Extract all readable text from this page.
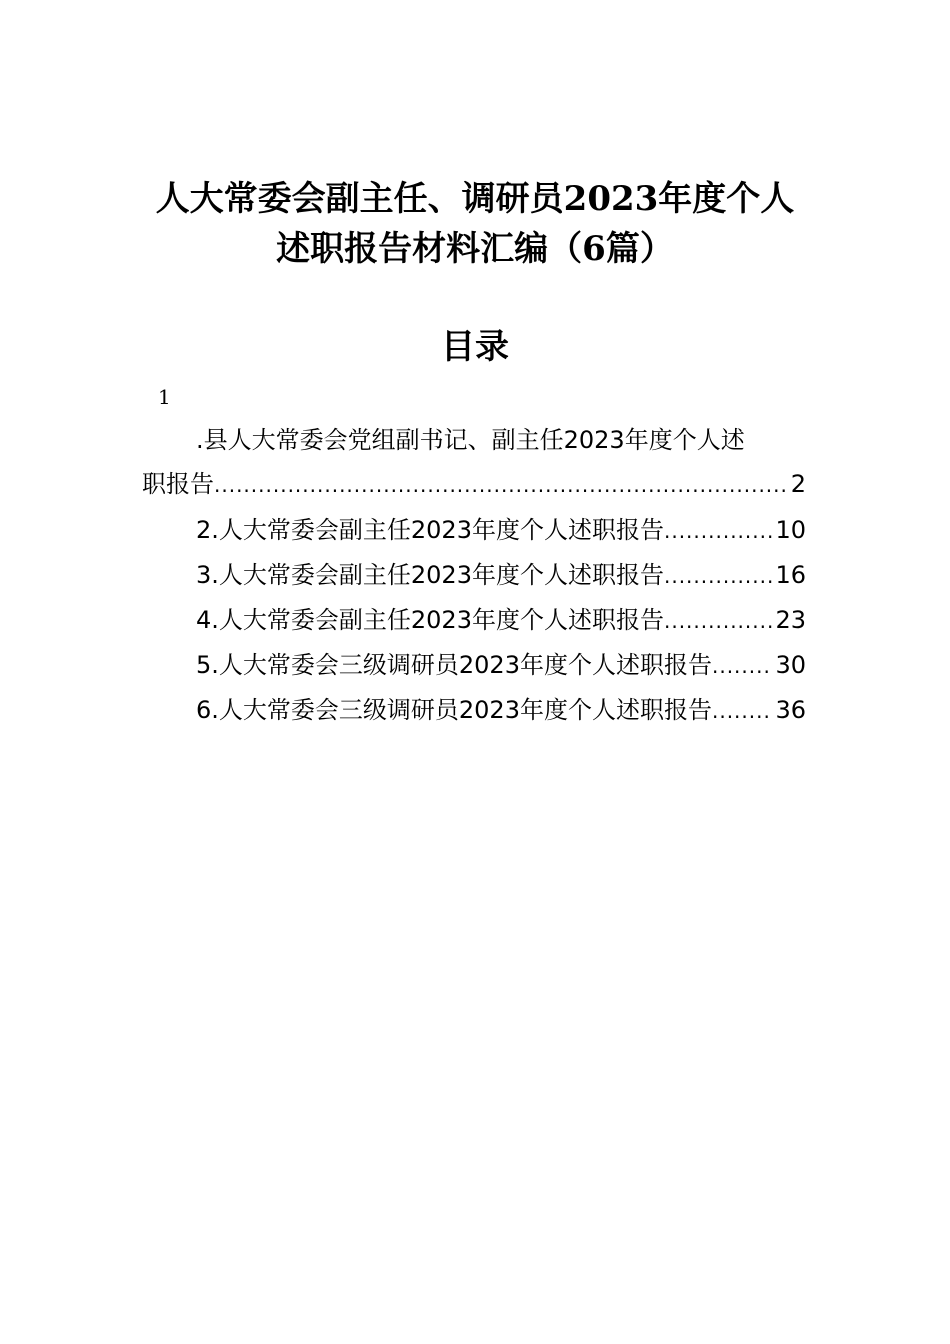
人大常委会副主任、调研员2023年度个人
述职报告材料汇编（6篇）
目录
1
.县人大常委会党组副书记、副主任2023年度个人述
职报告 .....	2
2.人大常委会副主任2023年度个人述职报告 .....	10
3.人大常委会副主任2023年度个人述职报告 .....	16
4.人大常委会副主任2023年度个人述职报告 .....	23
5.人大常委会三级调研员2023年度个人述职报告 .....	30
6.人大常委会三级调研员2023年度个人述职报告 .....	36
